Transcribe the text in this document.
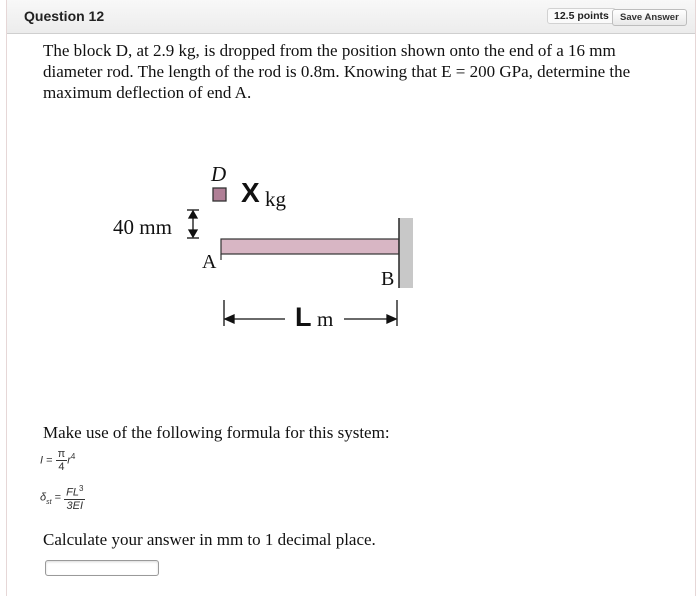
Question 12	12.5 points	Save Answer
The block D, at 2.9 kg, is dropped from the position shown onto the end of a 16 mm diameter rod. The length of the rod is 0.8m. Knowing that E = 200 GPa, determine the maximum deflection of end A.
D
X kg
40 mm
A
B
L m
Make use of the following formula for this system:
$I = \frac{\pi}{4} r^4$
$\delta_{st} = \frac{FL^3}{3EI}$
Calculate your answer in mm to 1 decimal place.
